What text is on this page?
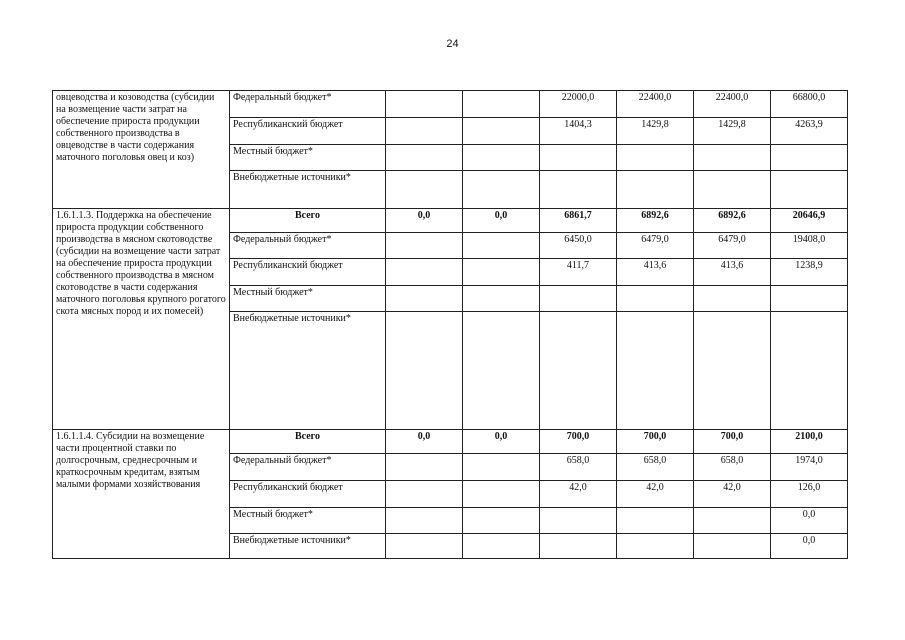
24
овцеводства и козоводства (субсидии на возмещение части затрат на обеспечение прироста продукции собственного производства в овцеводстве в части содержания маточного поголовья овец и коз)	Федеральный бюджет*			22000,0	22400,0	22400,0	66800,0
	Республиканский бюджет			1404,3	1429,8	1429,8	4263,9
	Местный бюджет*						
	Внебюджетные источники*						
1.6.1.1.3. Поддержка на обеспечение прироста продукции собственного производства в мясном скотоводстве (субсидии на возмещение части затрат на обеспечение прироста продукции собственного производства в мясном скотоводстве в части содержания маточного поголовья крупного рогатого скота мясных пород и их помесей)	Всего	0,0	0,0	6861,7	6892,6	6892,6	20646,9
	Федеральный бюджет*			6450,0	6479,0	6479,0	19408,0
	Республиканский бюджет			411,7	413,6	413,6	1238,9
	Местный бюджет*						
	Внебюджетные источники*						
1.6.1.1.4. Субсидии на возмещение части процентной ставки по долгосрочным, среднесрочным и краткосрочным кредитам, взятым малыми формами хозяйствования	Всего	0,0	0,0	700,0	700,0	700,0	2100,0
	Федеральный бюджет*			658,0	658,0	658,0	1974,0
	Республиканский бюджет			42,0	42,0	42,0	126,0
	Местный бюджет*						0,0
	Внебюджетные источники*						0,0
